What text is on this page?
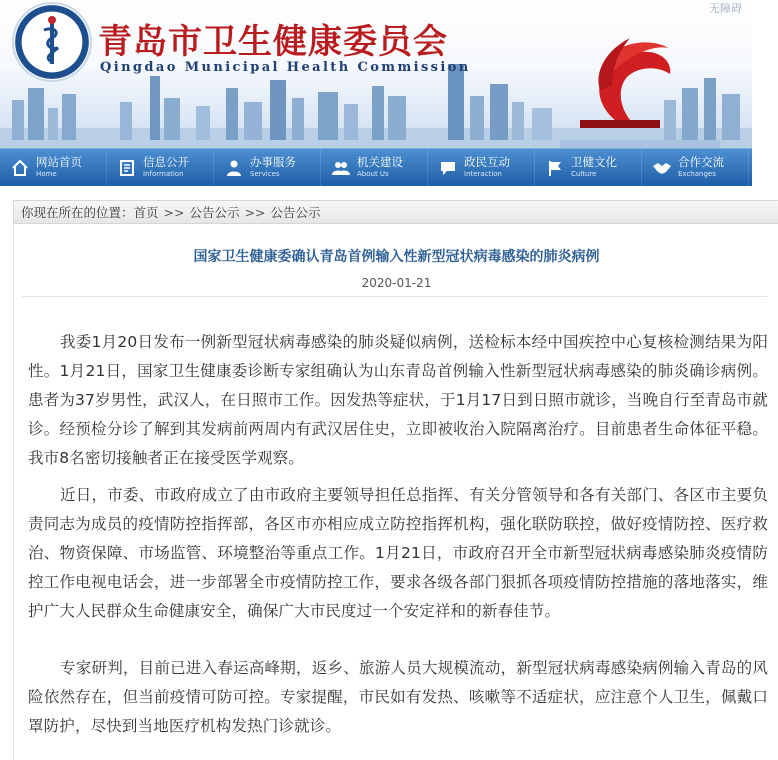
无障碍
青岛市卫生健康委员会
Qingdao Municipal Health Commission
网站首页
Home
信息公开
Information
办事服务
Services
机关建设
About Us
政民互动
Interaction
卫健文化
Culture
合作交流
Exchanges
你现在所在的位置： 首页 >> 公告公示 >> 公告公示
国家卫生健康委确认青岛首例输入性新型冠状病毒感染的肺炎病例
2020-01-21

我委1月20日发布一例新型冠状病毒感染的肺炎疑似病例，送检标本经中国疾控中心复核检测结果为阳性。1月21日，国家卫生健康委诊断专家组确认为山东青岛首例输入性新型冠状病毒感染的肺炎确诊病例。患者为37岁男性，武汉人，在日照市工作。因发热等症状，于1月17日到日照市就诊，当晚自行至青岛市就诊。经预检分诊了解到其发病前两周内有武汉居住史，立即被收治入院隔离治疗。目前患者生命体征平稳。我市8名密切接触者正在接受医学观察。

近日，市委、市政府成立了由市政府主要领导担任总指挥、有关分管领导和各有关部门、各区市主要负责同志为成员的疫情防控指挥部，各区市亦相应成立防控指挥机构，强化联防联控，做好疫情防控、医疗救治、物资保障、市场监管、环境整治等重点工作。1月21日，市政府召开全市新型冠状病毒感染肺炎疫情防控工作电视电话会，进一步部署全市疫情防控工作，要求各级各部门狠抓各项疫情防控措施的落地落实，维护广大人民群众生命健康安全，确保广大市民度过一个安定祥和的新春佳节。

专家研判，目前已进入春运高峰期，返乡、旅游人员大规模流动，新型冠状病毒感染病例输入青岛的风险依然存在，但当前疫情可防可控。专家提醒，市民如有发热、咳嗽等不适症状，应注意个人卫生，佩戴口罩防护，尽快到当地医疗机构发热门诊就诊。
